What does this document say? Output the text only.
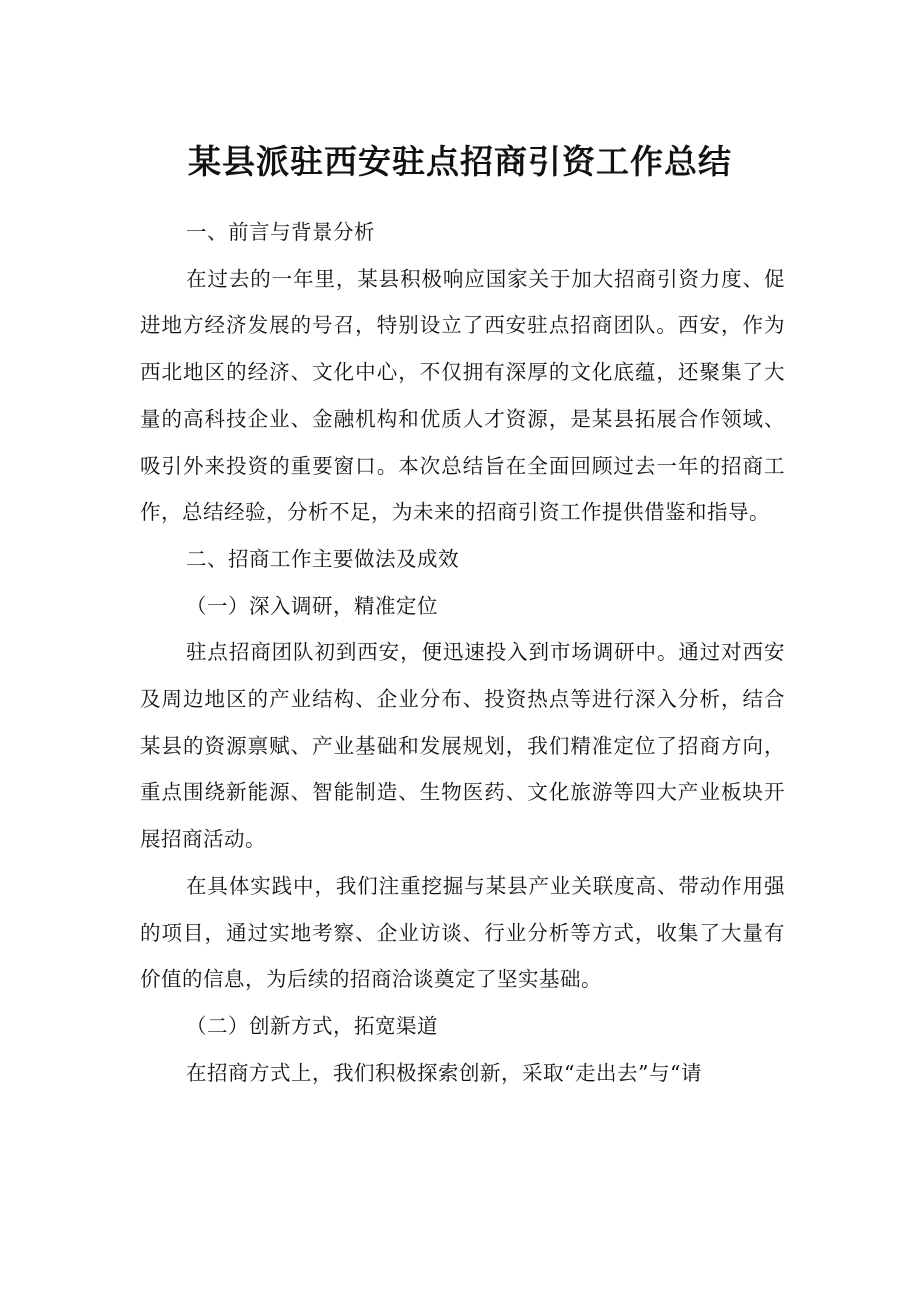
某县派驻西安驻点招商引资工作总结

一、前言与背景分析

在过去的一年里，某县积极响应国家关于加大招商引资力度、促进地方经济发展的号召，特别设立了西安驻点招商团队。西安，作为西北地区的经济、文化中心，不仅拥有深厚的文化底蕴，还聚集了大量的高科技企业、金融机构和优质人才资源，是某县拓展合作领域、吸引外来投资的重要窗口。本次总结旨在全面回顾过去一年的招商工作，总结经验，分析不足，为未来的招商引资工作提供借鉴和指导。

二、招商工作主要做法及成效

（一）深入调研，精准定位

驻点招商团队初到西安，便迅速投入到市场调研中。通过对西安及周边地区的产业结构、企业分布、投资热点等进行深入分析，结合某县的资源禀赋、产业基础和发展规划，我们精准定位了招商方向，重点围绕新能源、智能制造、生物医药、文化旅游等四大产业板块开展招商活动。

在具体实践中，我们注重挖掘与某县产业关联度高、带动作用强的项目，通过实地考察、企业访谈、行业分析等方式，收集了大量有价值的信息，为后续的招商洽谈奠定了坚实基础。

（二）创新方式，拓宽渠道

在招商方式上，我们积极探索创新，采取“走出去”与“请
